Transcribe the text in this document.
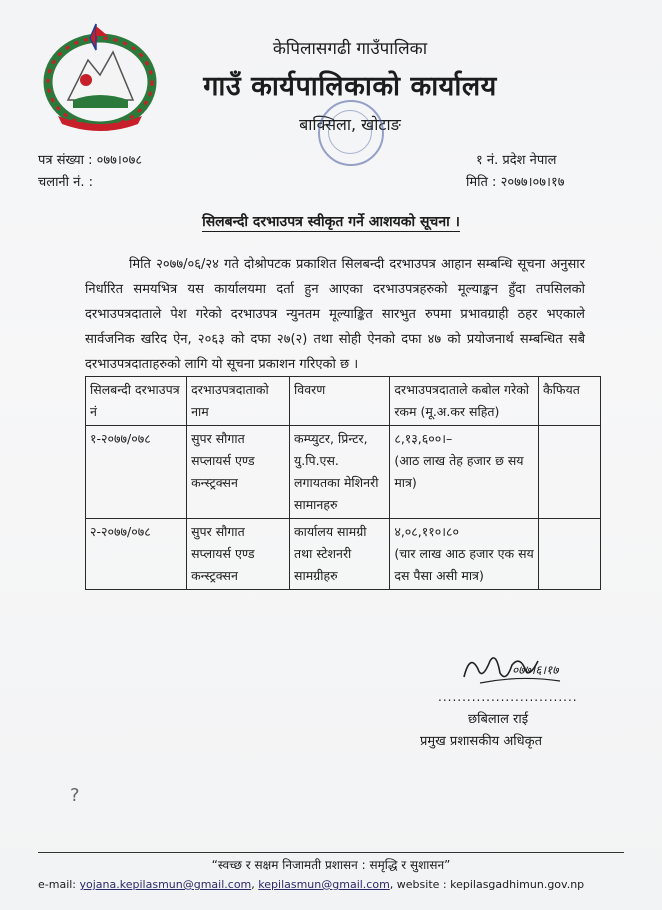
केपिलासगढी गाउँपालिका
गाउँ कार्यपालिकाको कार्यालय
बाक्सिला, खोटाङ
पत्र संख्या : ०७७।०७८
चलानी नं. :
१ नं. प्रदेश नेपाल
मिति : २०७७।०७।१७
सिलबन्दी दरभाउपत्र स्वीकृत गर्ने आशयको सूचना ।
मिति २०७७/०६/२४ गते दोश्रोपटक प्रकाशित सिलबन्दी दरभाउपत्र आहान सम्बन्धि सूचना अनुसार निर्धारित समयभित्र यस कार्यालयमा दर्ता हुन आएका दरभाउपत्रहरुको मूल्याङ्कन हुँदा तपसिलको दरभाउपत्रदाताले पेश गरेको दरभाउपत्र न्युनतम मूल्याङ्कित सारभुत रुपमा प्रभावग्राही ठहर भएकाले सार्वजनिक खरिद ऐन, २०६३ को दफा २७(२) तथा सोही ऐनको दफा ४७ को प्रयोजनार्थ सम्बन्धित सबै दरभाउपत्रदाताहरुको लागि यो सूचना प्रकाशन गरिएको छ ।
सिलबन्दी दरभाउपत्र नं	दरभाउपत्रदाताको नाम	विवरण	दरभाउपत्रदाताले कबोल गरेको रकम (मू.अ.कर सहित)	कैफियत
१-२०७७/०७८	सुपर सौगात सप्लायर्स एण्ड कन्स्ट्रक्सन	कम्प्युटर, प्रिन्टर, यु.पि.एस. लगायतका मेशिनरी सामानहरु	८,१३,६००।–
(आठ लाख तेह हजार छ सय मात्र)	

२-२०७७/०७८	सुपर सौगात सप्लायर्स एण्ड कन्स्ट्रक्सन	कार्यालय सामग्री तथा स्टेशनरी सामग्रीहरु	४,०८,११०।८०
(चार लाख आठ हजार एक सय दस पैसा असी मात्र)	

०७७।६।१७
.............................
छबिलाल राई
प्रमुख प्रशासकीय अधिकृत
?
“स्वच्छ र सक्षम निजामती प्रशासन : समृद्धि र सुशासन”
e-mail: yojana.kepilasmun@gmail.com, kepilasmun@gmail.com, website : kepilasgadhimun.gov.np
